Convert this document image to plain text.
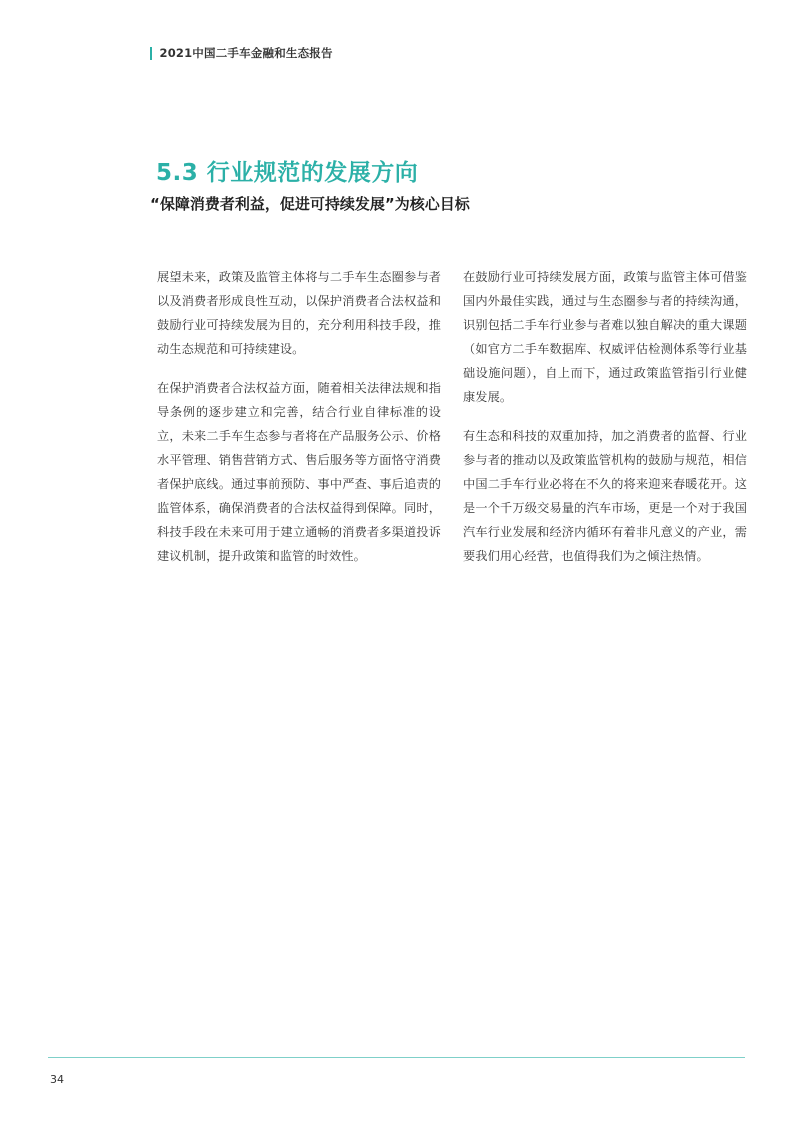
2021中国二手车金融和生态报告
5.3 行业规范的发展方向
“保障消费者利益，促进可持续发展”为核心目标

展望未来，政策及监管主体将与二手车生态圈参与者以及消费者形成良性互动，以保护消费者合法权益和鼓励行业可持续发展为目的，充分利用科技手段，推动生态规范和可持续建设。

在保护消费者合法权益方面，随着相关法律法规和指导条例的逐步建立和完善，结合行业自律标准的设立，未来二手车生态参与者将在产品服务公示、价格水平管理、销售营销方式、售后服务等方面恪守消费者保护底线。通过事前预防、事中严查、事后追责的监管体系，确保消费者的合法权益得到保障。同时，科技手段在未来可用于建立通畅的消费者多渠道投诉建议机制，提升政策和监管的时效性。

在鼓励行业可持续发展方面，政策与监管主体可借鉴国内外最佳实践，通过与生态圈参与者的持续沟通，识别包括二手车行业参与者难以独自解决的重大课题（如官方二手车数据库、权威评估检测体系等行业基础设施问题），自上而下，通过政策监管指引行业健康发展。

有生态和科技的双重加持，加之消费者的监督、行业参与者的推动以及政策监管机构的鼓励与规范，相信中国二手车行业必将在不久的将来迎来春暖花开。这是一个千万级交易量的汽车市场，更是一个对于我国汽车行业发展和经济内循环有着非凡意义的产业，需要我们用心经营，也值得我们为之倾注热情。

34
